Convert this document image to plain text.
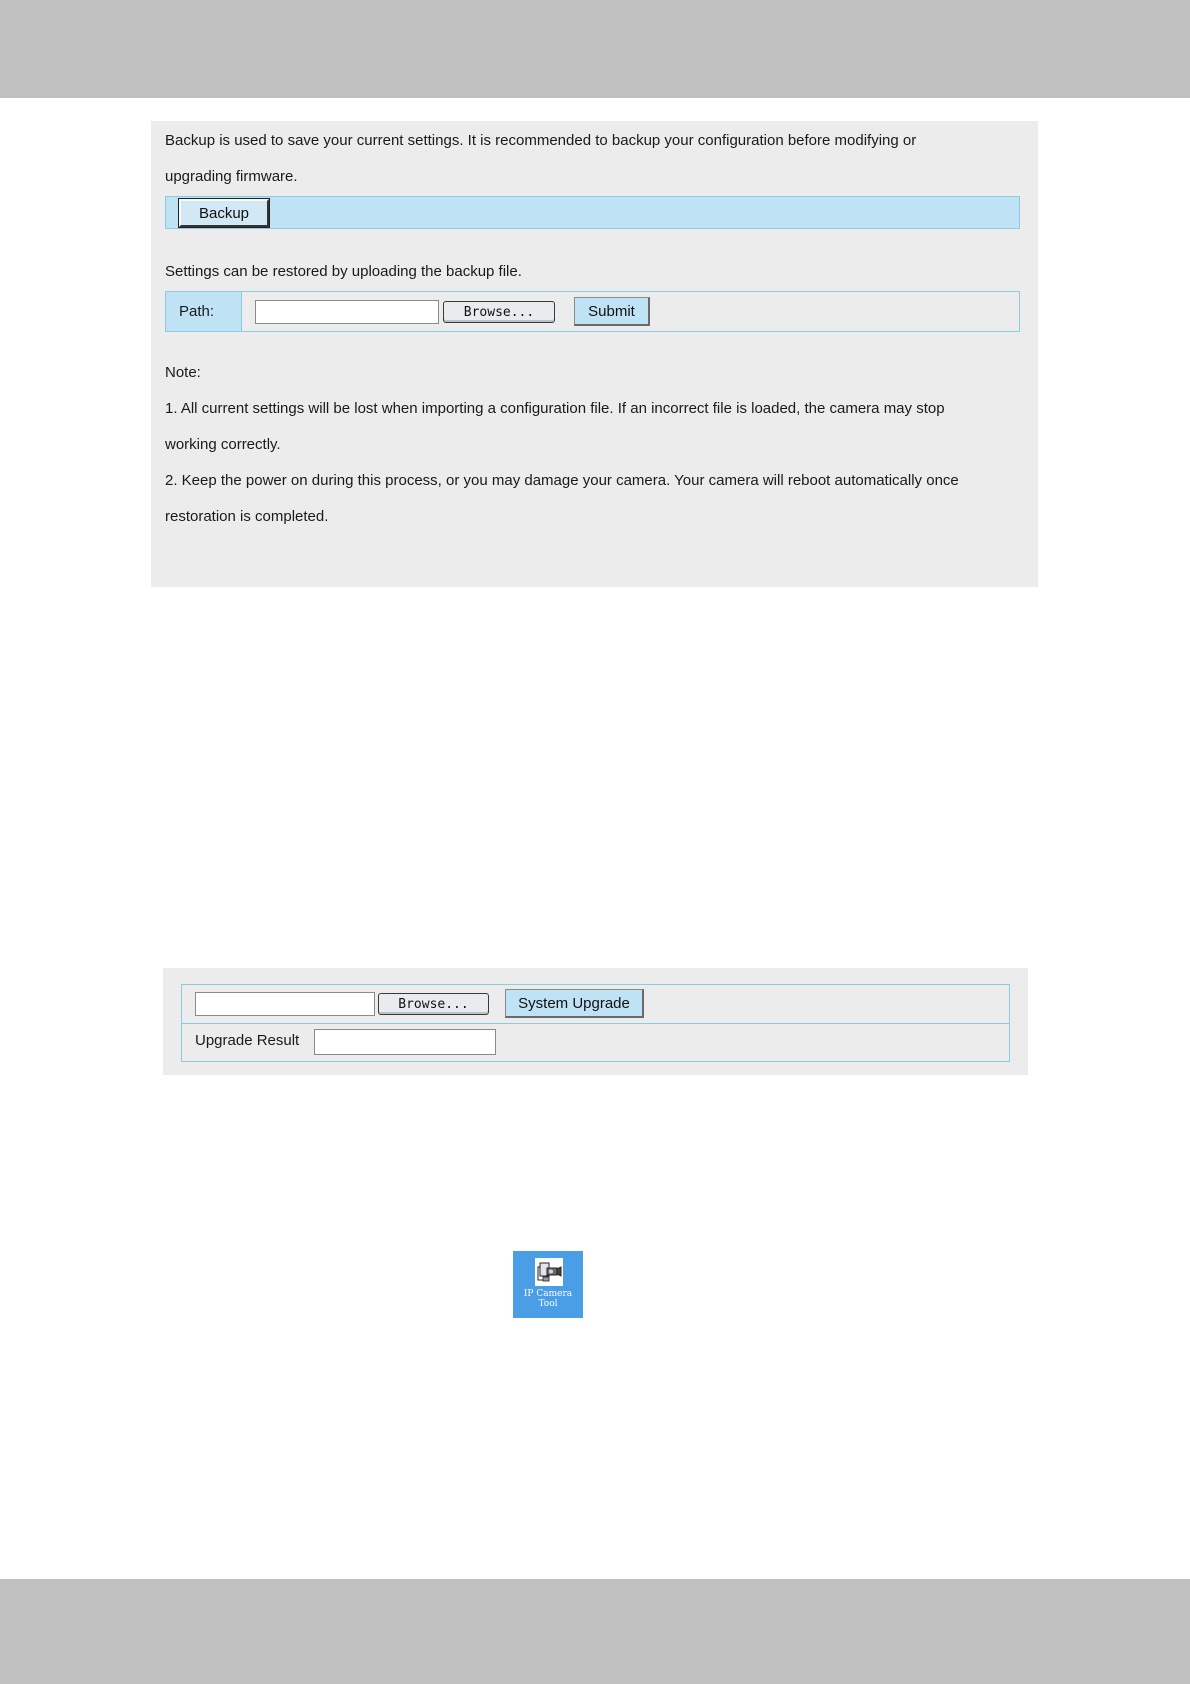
Backup is used to save your current settings. It is recommended to backup your configuration before modifying or
upgrading firmware.
Backup
Settings can be restored by uploading the backup file.
Path:	Browse...	Submit
Note:
1. All current settings will be lost when importing a configuration file. If an incorrect file is loaded, the camera may stop
working correctly.
2. Keep the power on during this process, or you may damage your camera. Your camera will reboot automatically once
restoration is completed.
Browse...	System Upgrade
Upgrade Result
IP Camera
Tool
